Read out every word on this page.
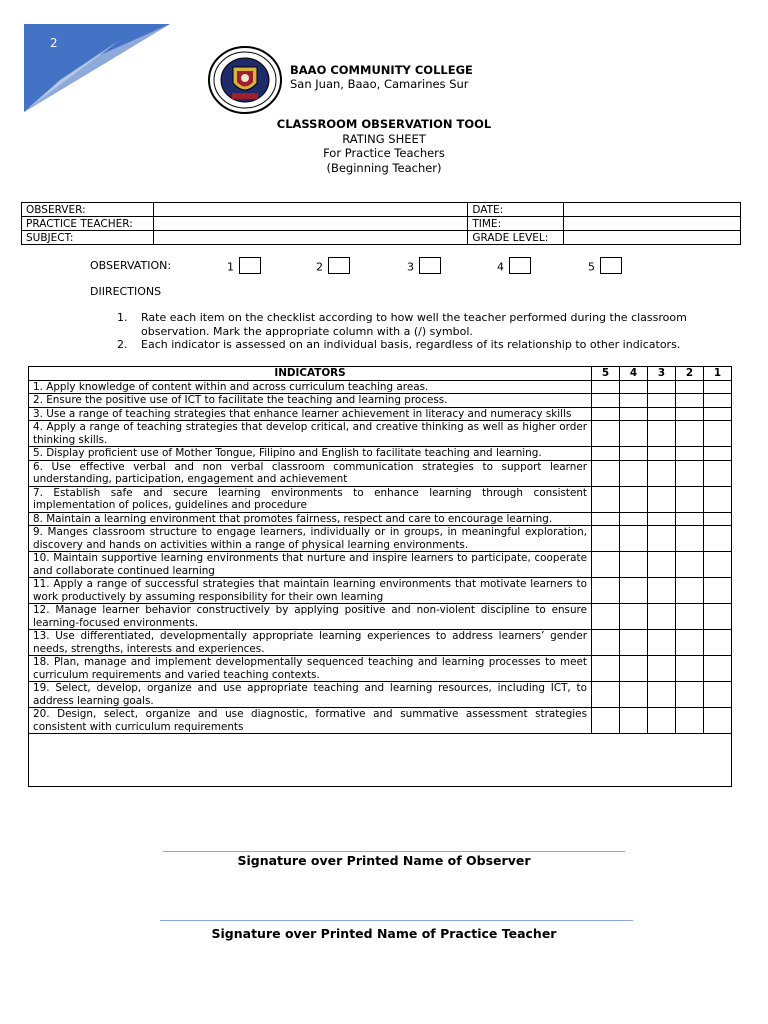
2
BAAO COMMUNITY COLLEGE
San Juan, Baao, Camarines Sur
CLASSROOM OBSERVATION TOOL
RATING SHEET
For Practice Teachers
(Beginning Teacher)
OBSERVER:		DATE:	
PRACTICE TEACHER:		TIME:	
SUBJECT:		GRADE LEVEL:	
OBSERVATION:	1	2	3	4	5
DIIRECTIONS
1. Rate each item on the checklist according to how well the teacher performed during the classroom observation. Mark the appropriate column with a (/) symbol.
2. Each indicator is assessed on an individual basis, regardless of its relationship to other indicators.
INDICATORS	5	4	3	2	1
1. Apply knowledge of content within and across curriculum teaching areas.					
2. Ensure the positive use of ICT to facilitate the teaching and learning process.					
3. Use a range of teaching strategies that enhance learner achievement in literacy and numeracy skills					
4. Apply a range of teaching strategies that develop critical, and creative thinking as well as higher order thinking skills.					
5. Display proficient use of Mother Tongue, Filipino and English to facilitate teaching and learning.					
6. Use effective verbal and non verbal classroom communication strategies to support learner understanding, participation, engagement and achievement					
7. Establish safe and secure learning environments to enhance learning through consistent implementation of polices, guidelines and procedure					
8. Maintain a learning environment that promotes fairness, respect and care to encourage learning.					
9. Manges classroom structure to engage learners, individually or in groups, in meaningful exploration, discovery and hands on activities within a range of physical learning environments.					
10. Maintain supportive learning environments that nurture and inspire learners to participate, cooperate and collaborate continued learning					
11. Apply a range of successful strategies that maintain learning environments that motivate learners to work productively by assuming responsibility for their own learning					
12. Manage learner behavior constructively by applying positive and non-violent discipline to ensure learning-focused environments.					
13. Use differentiated, developmentally appropriate learning experiences to address learners’ gender needs, strengths, interests and experiences.					
18. Plan, manage and implement developmentally sequenced teaching and learning processes to meet curriculum requirements and varied teaching contexts.					
19. Select, develop, organize and use appropriate teaching and learning resources, including ICT, to address learning goals.					
20. Design, select, organize and use diagnostic, formative and summative assessment strategies consistent with curriculum requirements					

Signature over Printed Name of Observer
Signature over Printed Name of Practice Teacher
